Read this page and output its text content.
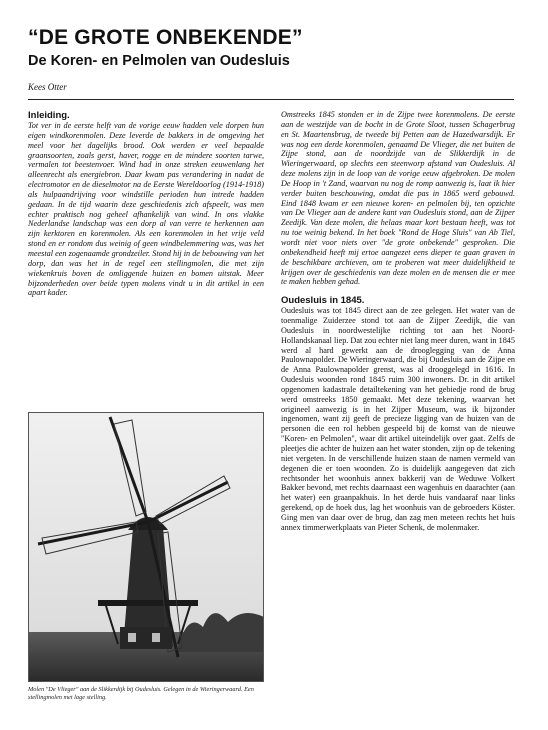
“DE GROTE ONBEKENDE”
De Koren- en Pelmolen van Oudesluis
Kees Otter

Inleiding.

Tot ver in de eerste helft van de vorige eeuw hadden vele dorpen hun eigen windkorenmolen. Deze leverde de bakkers in de omgeving het meel voor het dagelijks brood. Ook werden er veel bepaalde graansoorten, zoals gerst, haver, rogge en de mindere soorten tarwe, vermalen tot beestenvoer. Wind had in onze streken eeuwenlang het alleenrecht als energiebron. Daar kwam pas verandering in nadat de electromotor en de dieselmotor na de Eerste Wereldoorlog (1914-1918) als hulpaandrijving voor windstille perioden hun intrede hadden gedaan. In de tijd waarin deze geschiedenis zich afspeelt, was men echter praktisch nog geheel afhankelijk van wind. In ons vlakke Nederlandse landschap was een dorp al van verre te herkennen aan zijn kerktoren en korenmolen. Als een korenmolen in het vrije veld stond en er rondom dus weinig of geen windbelemmering was, was het meestal een zogenaamde grondzeiler. Stond hij in de bebouwing van het dorp, dan was het in de regel een stellingmolen, die met zijn wiekenkruis boven de omliggende huizen en bomen uitstak. Meer bijzonderheden over beide typen molens vindt u in dit artikel in een apart kader.

Molen "De Vlieger" aan de Slikkerdijk bij Oudesluis. Gelegen in de Wieringerwaard. Een stellingmolen met lage stelling.

Omstreeks 1845 stonden er in de Zijpe twee korenmolens. De eerste aan de westzijde van de bocht in de Grote Sloot, tussen Schagerbrug en St. Maartensbrug, de tweede bij Petten aan de Hazedwarsdijk. Er was nog een derde korenmolen, genaamd De Vlieger, die net buiten de Zijpe stond, aan de noordzijde van de Slikkerdijk in de Wieringerwaard, op slechts een steenworp afstand van Oudesluis. Al deze molens zijn in de loop van de vorige eeuw afgebroken. De molen De Hoop in 't Zand, waarvan nu nog de romp aanwezig is, laat ik hier verder buiten beschouwing, omdat die pas in 1865 werd gebouwd. Eind 1848 kwam er een nieuwe koren- en pelmolen bij, ten opzichte van De Vlieger aan de andere kant van Oudesluis stond, aan de Zijper Zeedijk. Van deze molen, die helaas maar kort bestaan heeft, was tot nu toe weinig bekend. In het boek "Rond de Hoge Sluis" van Ab Tiel, wordt niet voor niets over "de grote onbekende" gesproken. Die onbekendheid heeft mij ertoe aangezet eens dieper te gaan graven in de beschikbare archieven, om te proberen wat meer duidelijkheid te krijgen over de geschiedenis van deze molen en de mensen die er mee te maken hebben gehad.

Oudesluis in 1845.

Oudesluis was tot 1845 direct aan de zee gelegen. Het water van de toenmalige Zuiderzee stond tot aan de Zijper Zeedijk, die van Oudesluis in noordwestelijke richting tot aan het Noord-Hollandskanaal liep. Dat zou echter niet lang meer duren, want in 1845 werd al hard gewerkt aan de drooglegging van de Anna Paulownapolder. De Wieringerwaard, die bij Oudesluis aan de Zijpe en de Anna Paulownapolder grenst, was al drooggelegd in 1616. In Oudesluis woonden rond 1845 ruim 300 inwoners. Dr. in dit artikel opgenomen kadastrale detailtekening van het gebiedje rond de brug werd omstreeks 1850 gemaakt. Met deze tekening, waarvan het origineel aanwezig is in het Zijper Museum, was ik bijzonder ingenomen, want zij geeft de precieze ligging van de huizen van de personen die een rol hebben gespeeld bij de komst van de nieuwe "Koren- en Pelmolen", waar dit artikel uiteindelijk over gaat. Zelfs de pleetjes die achter de huizen aan het water stonden, zijn op de tekening niet vergeten. In de verschillende huizen staan de namen vermeld van degenen die er toen woonden. Zo is duidelijk aangegeven dat zich rechtsonder het woonhuis annex bakkerij van de Weduwe Volkert Bakker bevond, met rechts daarnaast een wagenhuis en daarachter (aan het water) een graanpakhuis. In het derde huis vandaaraf naar links gerekend, op de hoek dus, lag het woonhuis van de gebroeders Köster. Ging men van daar over de brug, dan zag men meteen rechts het huis annex timmerwerkplaats van Pieter Schenk, de molenmaker.
